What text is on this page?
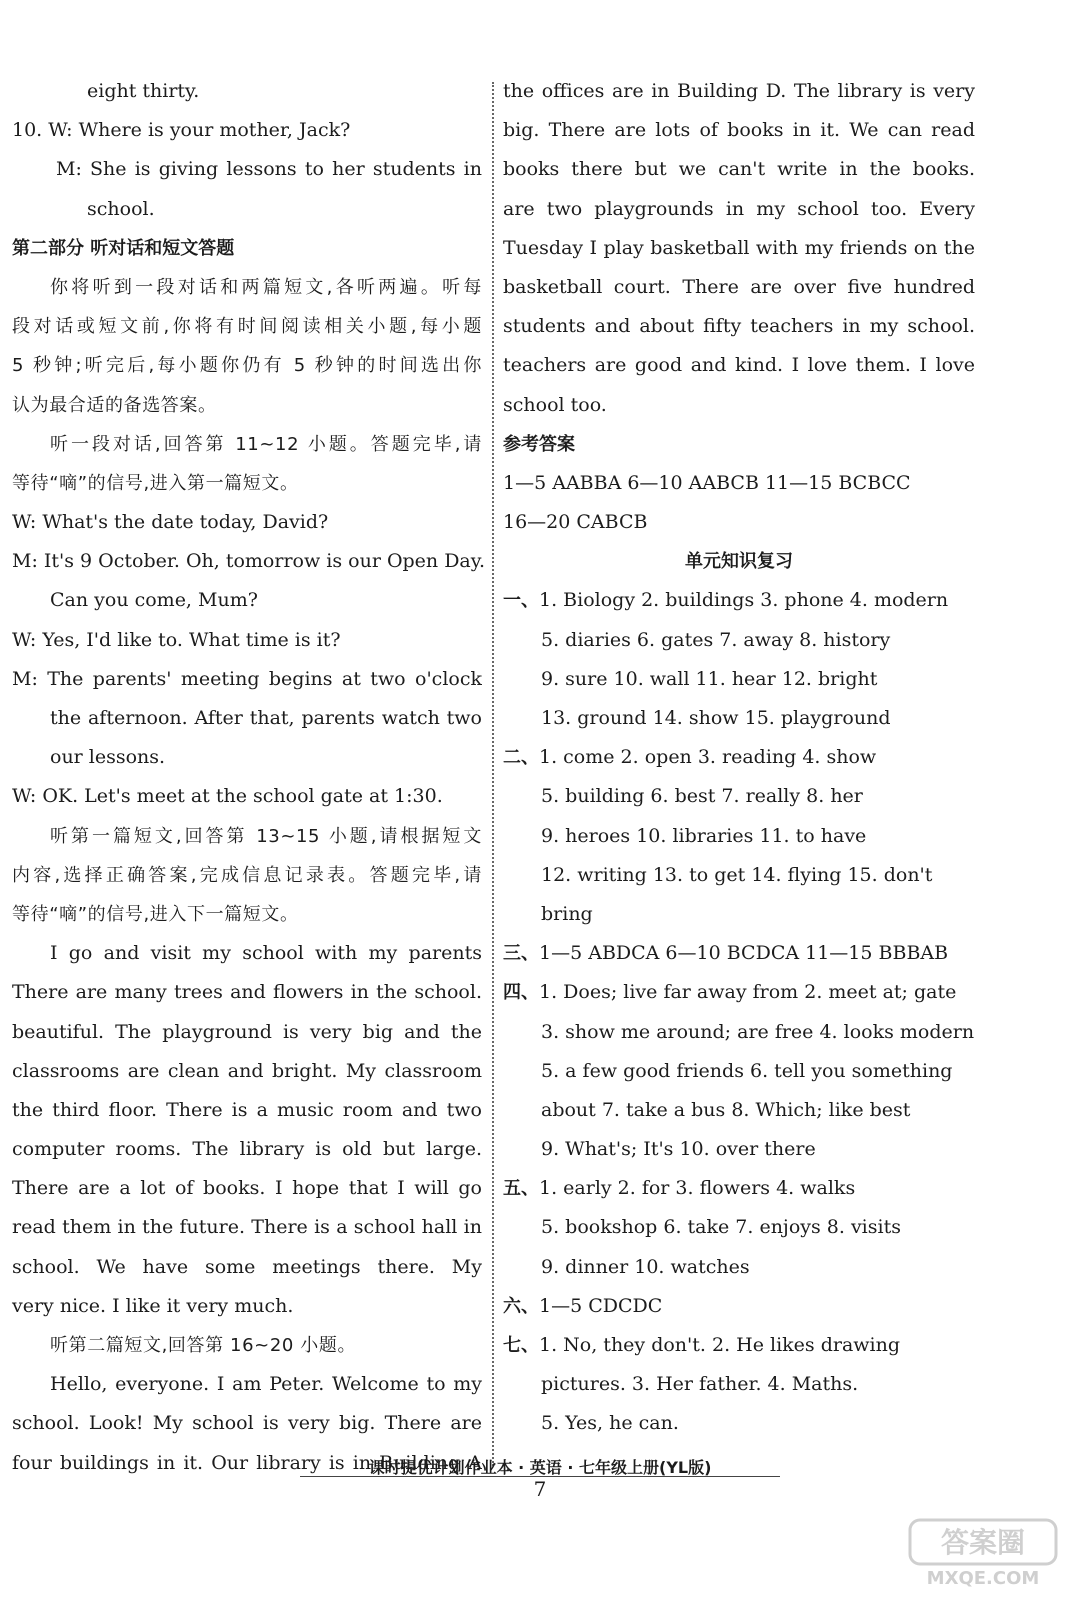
eight thirty.
10. W: Where is your mother, Jack?
M: She is giving lessons to her students in
school.
第二部分 听对话和短文答题
你将听到一段对话和两篇短文,各听两遍。听每
段对话或短文前,你将有时间阅读相关小题,每小题
5 秒钟;听完后,每小题你仍有 5 秒钟的时间选出你
认为最合适的备选答案。
听一段对话,回答第 11~12 小题。答题完毕,请
等待“嘀”的信号,进入第一篇短文。
W: What's the date today, David?
M: It's 9 October. Oh, tomorrow is our Open Day.
Can you come, Mum?
W: Yes, I'd like to. What time is it?
M: The parents' meeting begins at two o'clock
the afternoon. After that, parents watch two
our lessons.
W: OK. Let's meet at the school gate at 1:30.
听第一篇短文,回答第 13~15 小题,请根据短文
内容,选择正确答案,完成信息记录表。答题完毕,请
等待“嘀”的信号,进入下一篇短文。
I go and visit my school with my parents
There are many trees and flowers in the school.
beautiful. The playground is very big and the
classrooms are clean and bright. My classroom
the third floor. There is a music room and two
computer rooms. The library is old but large.
There are a lot of books. I hope that I will go
read them in the future. There is a school hall in
school. We have some meetings there. My
very nice. I like it very much.
听第二篇短文,回答第 16~20 小题。
Hello, everyone. I am Peter. Welcome to my
school. Look! My school is very big. There are
four buildings in it. Our library is in Building A
the offices are in Building D. The library is very
big. There are lots of books in it. We can read
books there but we can't write in the books.
are two playgrounds in my school too. Every
Tuesday I play basketball with my friends on the
basketball court. There are over five hundred
students and about fifty teachers in my school.
teachers are good and kind. I love them. I love
school too.
参考答案
1—5 AABBA 6—10 AABCB 11—15 BCBCC
16—20 CABCB
单元知识复习
一、 1. Biology 2. buildings 3. phone 4. modern
5. diaries 6. gates 7. away 8. history
9. sure 10. wall 11. hear 12. bright
13. ground 14. show 15. playground
二、 1. come 2. open 3. reading 4. show
5. building 6. best 7. really 8. her
9. heroes 10. libraries 11. to have
12. writing 13. to get 14. flying 15. don't
bring
三、 1—5 ABDCA 6—10 BCDCA 11—15 BBBAB
四、 1. Does; live far away from 2. meet at; gate
3. show me around; are free 4. looks modern
5. a few good friends 6. tell you something
about 7. take a bus 8. Which; like best
9. What's; It's 10. over there
五、 1. early 2. for 3. flowers 4. walks
5. bookshop 6. take 7. enjoys 8. visits
9. dinner 10. watches
六、 1—5 CDCDC
七、 1. No, they don't. 2. He likes drawing
pictures. 3. Her father. 4. Maths.
5. Yes, he can.
课时提优计划作业本 · 英语 · 七年级上册(YL版)
7
答案圈
MXQE.COM
